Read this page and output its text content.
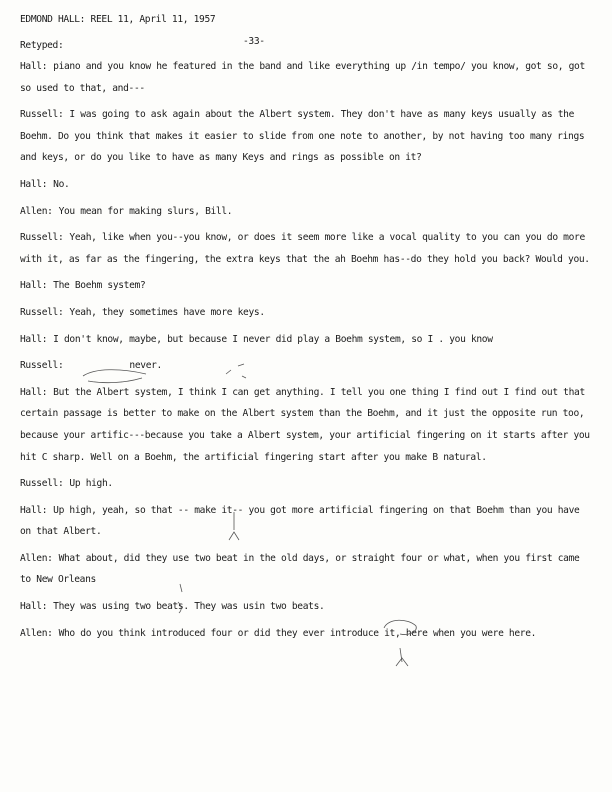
EDMOND HALL: REEL 11, April 11, 1957
Retyped:	-33-

Hall: piano and you know he featured in the band and like everything up /in tempo/ you know, got so, got so used to that, and---

Russell: I was going to ask again about the Albert system. They don't have as many keys usually as the Boehm. Do you think that makes it easier to slide from one note to another, by not having too many rings and keys, or do you like to have as many Keys and rings as possible on it?

Hall: No.

Allen: You mean for making slurs, Bill.

Russell: Yeah, like when you--you know, or does it seem more like a vocal quality to you can you do more with it, as far as the fingering, the extra keys that the ah Boehm has--do they hold you back? Would you.

Hall: The Boehm system?

Russell: Yeah, they sometimes have more keys.

Hall: I don't know, maybe, but because I never did play a Boehm system, so I . you know

Russell:	never.

Hall: But the Albert system, I think I can get anything. I tell you one thing I find out I find out that certain passage is better to make on the Albert system than the Boehm, and it just the opposite run too, because your artific---because you take a Albert system, your artificial fingering on it starts after you hit C sharp. Well on a Boehm, the artificial fingering start after you make B natural.

Russell: Up high.

Hall: Up high, yeah, so that -- make it-- you got more artificial fingering on that Boehm than you have on that Albert.

Allen: What about, did they use two beat in the old days, or straight four or what, when you first came to New Orleans

Hall: They was using two beats. They was usin two beats.

Allen: Who do you think introduced four or did they ever introduce it, here when you were here.
